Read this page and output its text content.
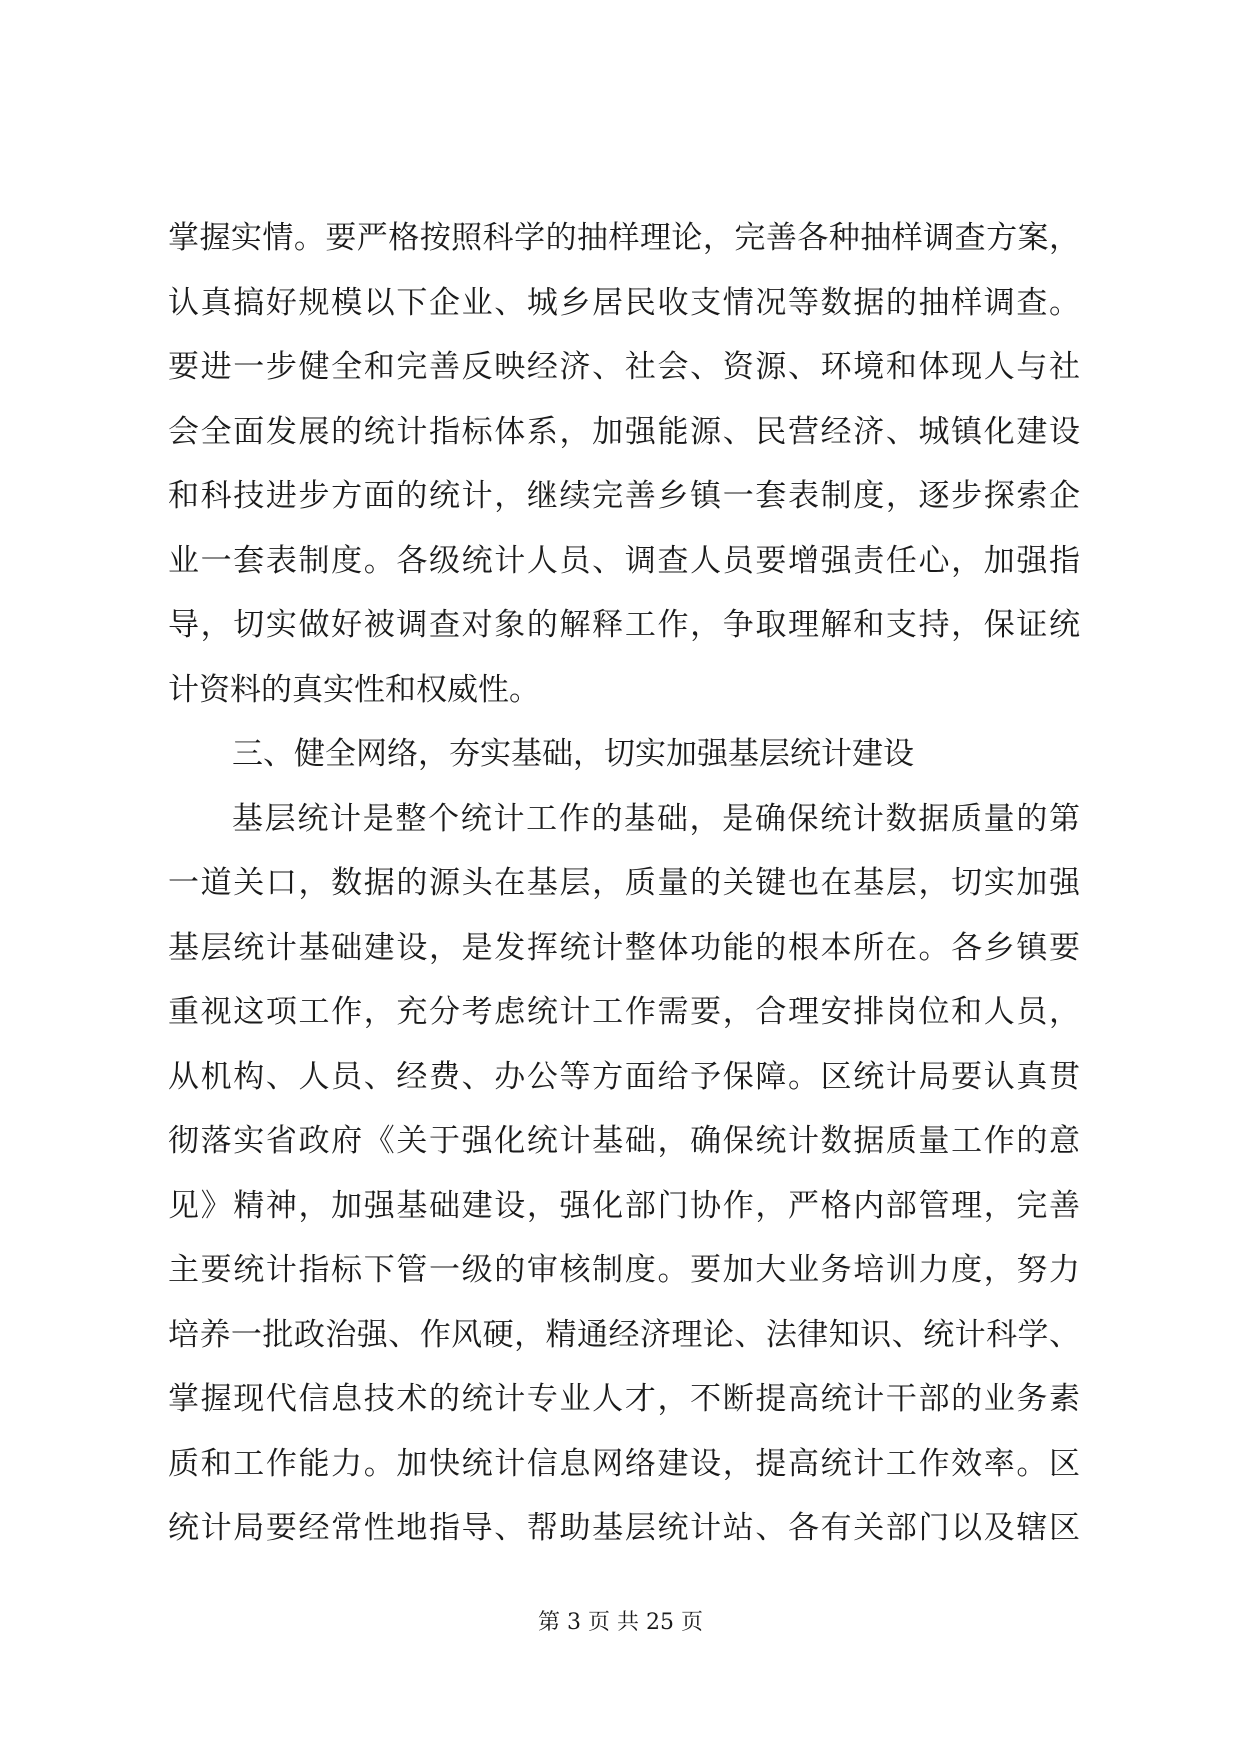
掌握实情。要严格按照科学的抽样理论，完善各种抽样调查方案，
认真搞好规模以下企业、城乡居民收支情况等数据的抽样调查。
要进一步健全和完善反映经济、社会、资源、环境和体现人与社
会全面发展的统计指标体系，加强能源、民营经济、城镇化建设
和科技进步方面的统计，继续完善乡镇一套表制度，逐步探索企
业一套表制度。各级统计人员、调查人员要增强责任心，加强指
导，切实做好被调查对象的解释工作，争取理解和支持，保证统
计资料的真实性和权威性。
三、健全网络，夯实基础，切实加强基层统计建设
基层统计是整个统计工作的基础，是确保统计数据质量的第
一道关口，数据的源头在基层，质量的关键也在基层，切实加强
基层统计基础建设，是发挥统计整体功能的根本所在。各乡镇要
重视这项工作，充分考虑统计工作需要，合理安排岗位和人员，
从机构、人员、经费、办公等方面给予保障。区统计局要认真贯
彻落实省政府《关于强化统计基础，确保统计数据质量工作的意
见》精神，加强基础建设，强化部门协作，严格内部管理，完善
主要统计指标下管一级的审核制度。要加大业务培训力度，努力
培养一批政治强、作风硬，精通经济理论、法律知识、统计科学、
掌握现代信息技术的统计专业人才，不断提高统计干部的业务素
质和工作能力。加快统计信息网络建设，提高统计工作效率。区
统计局要经常性地指导、帮助基层统计站、各有关部门以及辖区
第 3 页 共 25 页
